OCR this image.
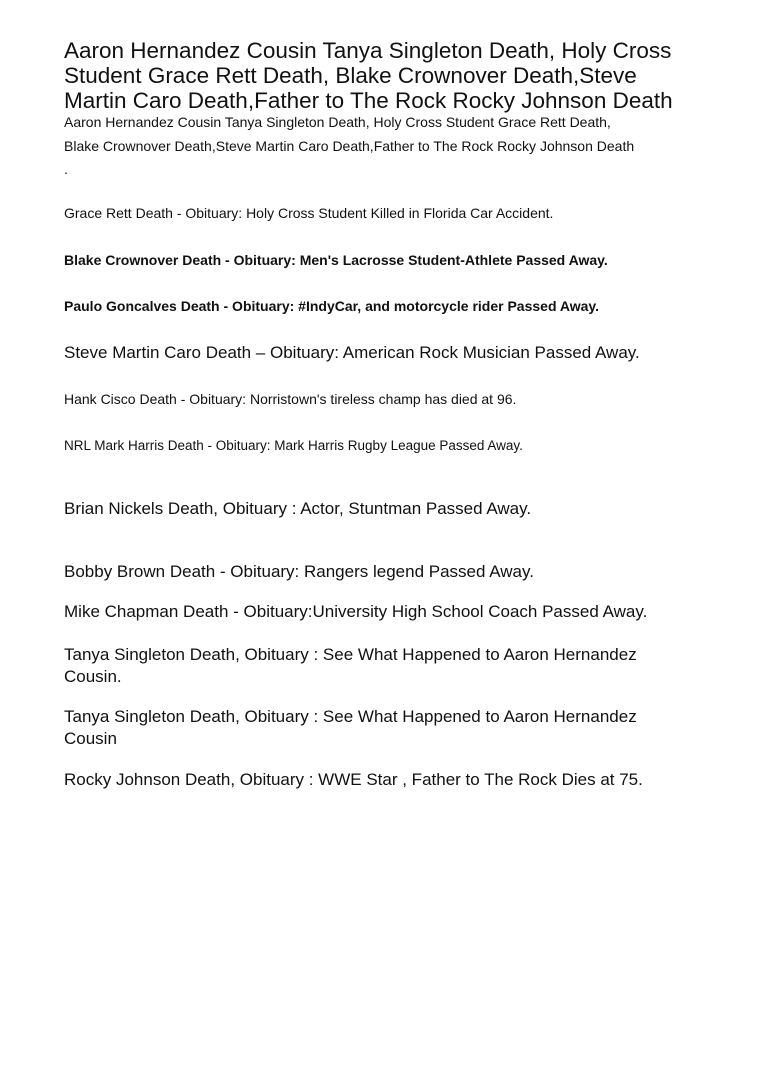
Aaron Hernandez Cousin Tanya Singleton Death, Holy Cross
Student Grace Rett Death, Blake Crownover Death,Steve
Martin Caro Death,Father to The Rock Rocky Johnson Death
Aaron Hernandez Cousin Tanya Singleton Death, Holy Cross Student Grace Rett Death,
Blake Crownover Death,Steve Martin Caro Death,Father to The Rock Rocky Johnson Death
.
Grace Rett Death - Obituary: Holy Cross Student Killed in Florida Car Accident.
Blake Crownover Death - Obituary: Men's Lacrosse Student-Athlete Passed Away.
Paulo Goncalves Death - Obituary: #IndyCar, and motorcycle rider Passed Away.
Steve Martin Caro Death – Obituary: American Rock Musician Passed Away.
Hank Cisco Death - Obituary: Norristown's tireless champ has died at 96.
NRL Mark Harris Death - Obituary: Mark Harris Rugby League Passed Away.
Brian Nickels Death, Obituary : Actor, Stuntman Passed Away.
Bobby Brown Death - Obituary: Rangers legend Passed Away.
Mike Chapman Death - Obituary:University High School Coach Passed Away.
Tanya Singleton Death, Obituary : See What Happened to Aaron Hernandez
Cousin.
Tanya Singleton Death, Obituary : See What Happened to Aaron Hernandez
Cousin
Rocky Johnson Death, Obituary : WWE Star , Father to The Rock Dies at 75.
